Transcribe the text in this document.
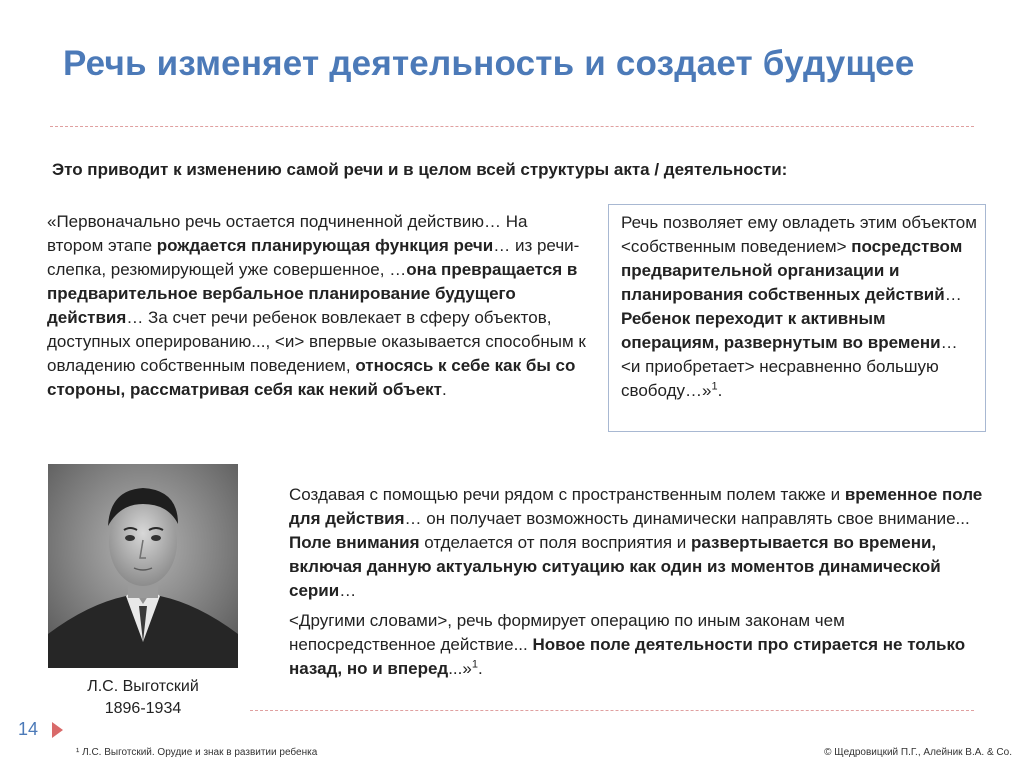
Речь изменяет деятельность и создает будущее
Это приводит к изменению самой речи и в целом всей структуры акта / деятельности:
«Первоначально речь остается подчиненной действию… На втором этапе рождается планирующая функция речи… из речи-слепка, резюмирующей уже совершенное, …она превращается в предварительное вербальное планирование будущего действия… За счет речи ребенок вовлекает в сферу объектов, доступных оперированию..., <и> впервые оказывается способным к овладению собственным поведением, относясь к себе как бы со стороны, рассматривая себя как некий объект.
Речь позволяет ему овладеть этим объектом <собственным поведением> посредством предварительной организации и планирования собственных действий… Ребенок переходит к активным операциям, развернутым во времени… <и приобретает> несравненно большую свободу…»$^1$.
Л.С. Выготский
1896-1934
Создавая с помощью речи рядом с пространственным полем также и временное поле для действия… он получает возможность динамически направлять свое внимание... Поле внимания отделается от поля восприятия и развертывается во времени, включая данную актуальную ситуацию как один из моментов динамической серии…
<Другими словами>, речь формирует операцию по иным законам чем непосредственное действие... Новое поле деятельности про стирается не только назад, но и вперед...»$^1$.
14
¹ Л.С. Выготский. Орудие и знак в развитии ребенка	© Щедровицкий П.Г., Алейник В.А. & Co.
